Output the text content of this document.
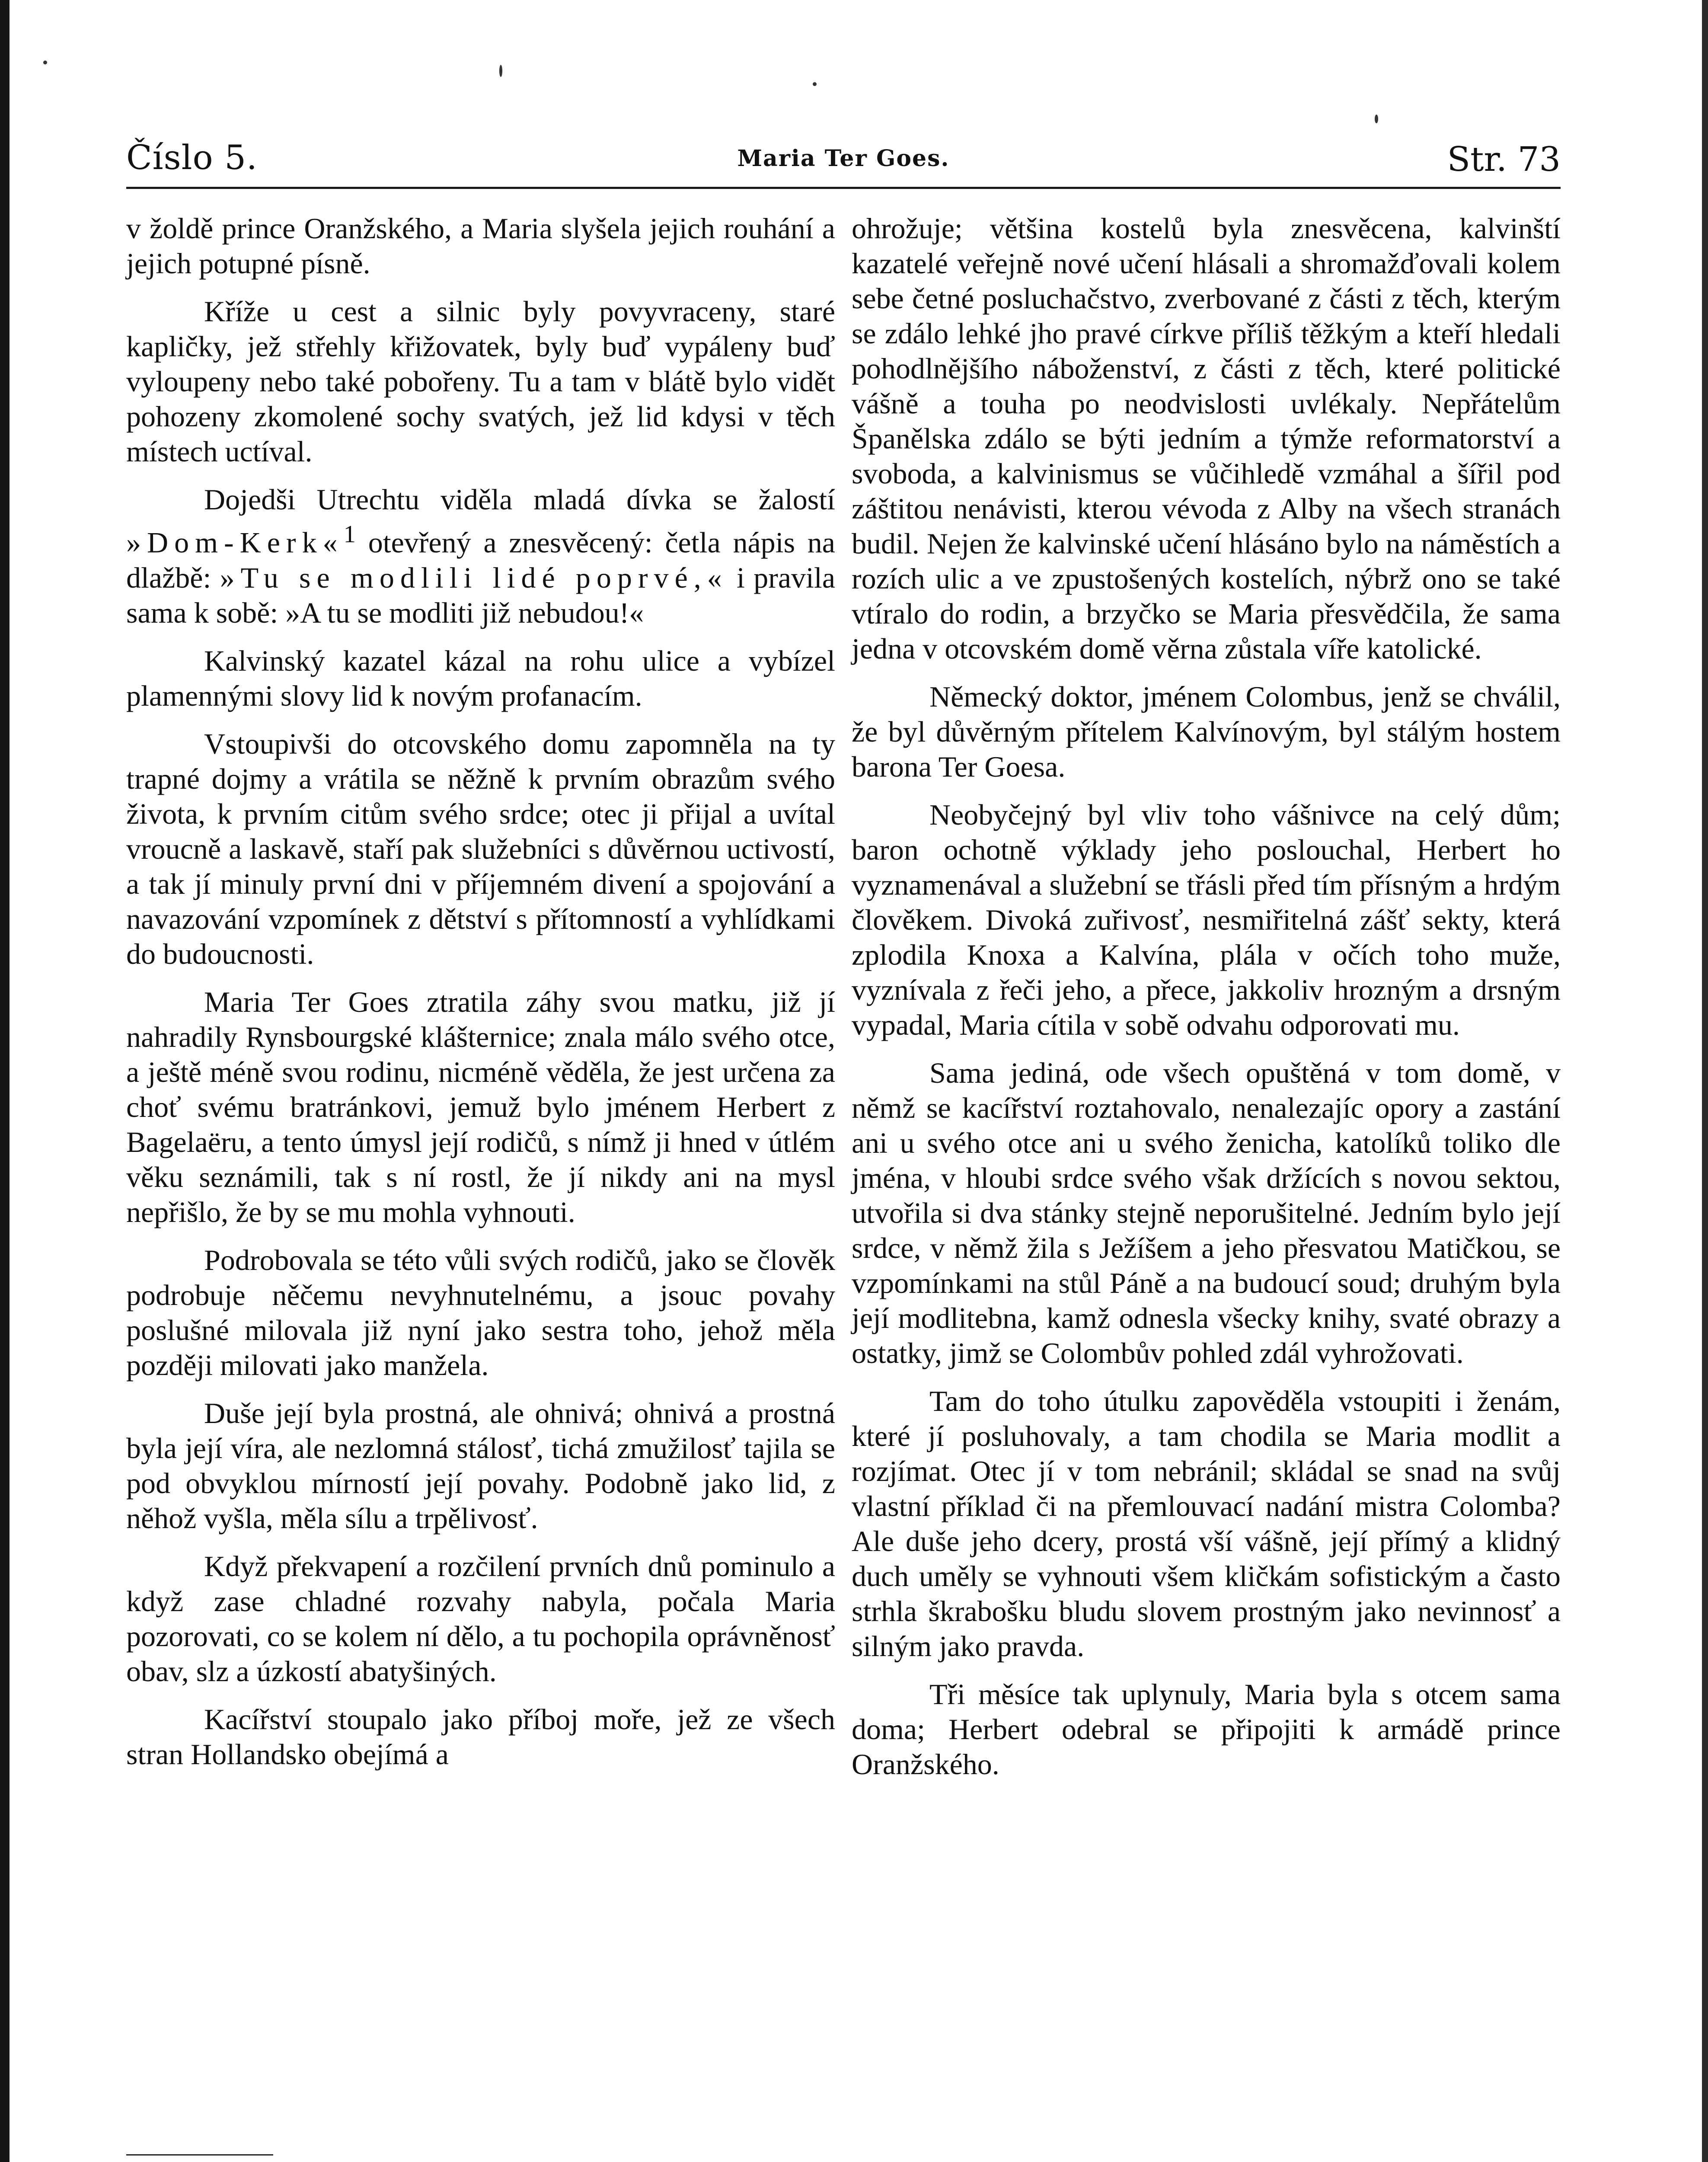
Číslo 5.	Maria Ter Goes.	Str. 73

v žoldě prince Oranžského, a Maria slyšela jejich rouhání a jejich potupné písně.

Kříže u cest a silnic byly povyvraceny, staré kapličky, jež střehly křižovatek, byly buď vypáleny buď vyloupeny nebo také pobořeny. Tu a tam v blátě bylo vidět pohozeny zkomolené sochy svatých, jež lid kdysi v těch místech uctíval.

Dojedši Utrechtu viděla mladá dívka se žalostí »Dom-Kerk«$^1$ otevřený a znesvěcený: četla nápis na dlažbě: »Tu se modlili lidé poprvé,« i pravila sama k sobě: »A tu se modliti již nebudou!«

Kalvinský kazatel kázal na rohu ulice a vybízel plamennými slovy lid k novým profanacím.

Vstoupivši do otcovského domu zapomněla na ty trapné dojmy a vrátila se něžně k prvním obrazům svého života, k prvním citům svého srdce; otec ji přijal a uvítal vroucně a laskavě, staří pak služebníci s důvěrnou uctivostí, a tak jí minuly první dni v příjemném divení a spojování a navazování vzpomínek z dětství s přítomností a vyhlídkami do budoucnosti.

Maria Ter Goes ztratila záhy svou matku, již jí nahradily Rynsbourgské klášternice; znala málo svého otce, a ještě méně svou rodinu, nicméně věděla, že jest určena za choť svému bratránkovi, jemuž bylo jménem Herbert z Bagelaëru, a tento úmysl její rodičů, s nímž ji hned v útlém věku seznámili, tak s ní rostl, že jí nikdy ani na mysl nepřišlo, že by se mu mohla vyhnouti.

Podrobovala se této vůli svých rodičů, jako se člověk podrobuje něčemu nevyhnutelnému, a jsouc povahy poslušné milovala již nyní jako sestra toho, jehož měla později milovati jako manžela.

Duše její byla prostná, ale ohnivá; ohnivá a prostná byla její víra, ale nezlomná stálosť, tichá zmužilosť tajila se pod obvyklou mírností její povahy. Podobně jako lid, z něhož vyšla, měla sílu a trpělivosť.

Když překvapení a rozčilení prvních dnů pominulo a když zase chladné rozvahy nabyla, počala Maria pozorovati, co se kolem ní dělo, a tu pochopila oprávněnosť obav, slz a úzkostí abatyšiných.

Kacířství stoupalo jako příboj moře, jež ze všech stran Hollandsko obejímá a

ohrožuje; většina kostelů byla znesvěcena, kalvinští kazatelé veřejně nové učení hlásali a shromažďovali kolem sebe četné posluchačstvo, zverbované z části z těch, kterým se zdálo lehké jho pravé církve příliš těžkým a kteří hledali pohodlnějšího náboženství, z části z těch, které politické vášně a touha po neodvislosti uvlékaly. Nepřátelům Španělska zdálo se býti jedním a týmže reformatorství a svoboda, a kalvinismus se vůčihledě vzmáhal a šířil pod záštitou nenávisti, kterou vévoda z Alby na všech stranách budil. Nejen že kalvinské učení hlásáno bylo na náměstích a rozích ulic a ve zpustošených kostelích, nýbrž ono se také vtíralo do rodin, a brzyčko se Maria přesvědčila, že sama jedna v otcovském domě věrna zůstala víře katolické.

Německý doktor, jménem Colombus, jenž se chválil, že byl důvěrným přítelem Kalvínovým, byl stálým hostem barona Ter Goesa.

Neobyčejný byl vliv toho vášnivce na celý dům; baron ochotně výklady jeho poslouchal, Herbert ho vyznamenával a služební se třásli před tím přísným a hrdým člověkem. Divoká zuřivosť, nesmiřitelná zášť sekty, která zplodila Knoxa a Kalvína, plála v očích toho muže, vyznívala z řeči jeho, a přece, jakkoliv hrozným a drsným vypadal, Maria cítila v sobě odvahu odporovati mu.

Sama jediná, ode všech opuštěná v tom domě, v němž se kacířství roztahovalo, nenalezajíc opory a zastání ani u svého otce ani u svého ženicha, katolíků toliko dle jména, v hloubi srdce svého však držících s novou sektou, utvořila si dva stánky stejně neporušitelné. Jedním bylo její srdce, v němž žila s Ježíšem a jeho přesvatou Matičkou, se vzpomínkami na stůl Páně a na budoucí soud; druhým byla její modlitebna, kamž odnesla všecky knihy, svaté obrazy a ostatky, jimž se Colombův pohled zdál vyhrožovati.

Tam do toho útulku zapověděla vstoupiti i ženám, které jí posluhovaly, a tam chodila se Maria modlit a rozjímat. Otec jí v tom nebránil; skládal se snad na svůj vlastní příklad či na přemlouvací nadání mistra Colomba? Ale duše jeho dcery, prostá vší vášně, její přímý a klidný duch uměly se vyhnouti všem kličkám sofistickým a často strhla škrabošku bludu slovem prostným jako nevinnosť a silným jako pravda.

Tři měsíce tak uplynuly, Maria byla s otcem sama doma; Herbert odebral se připojiti k armádě prince Oranžského.
